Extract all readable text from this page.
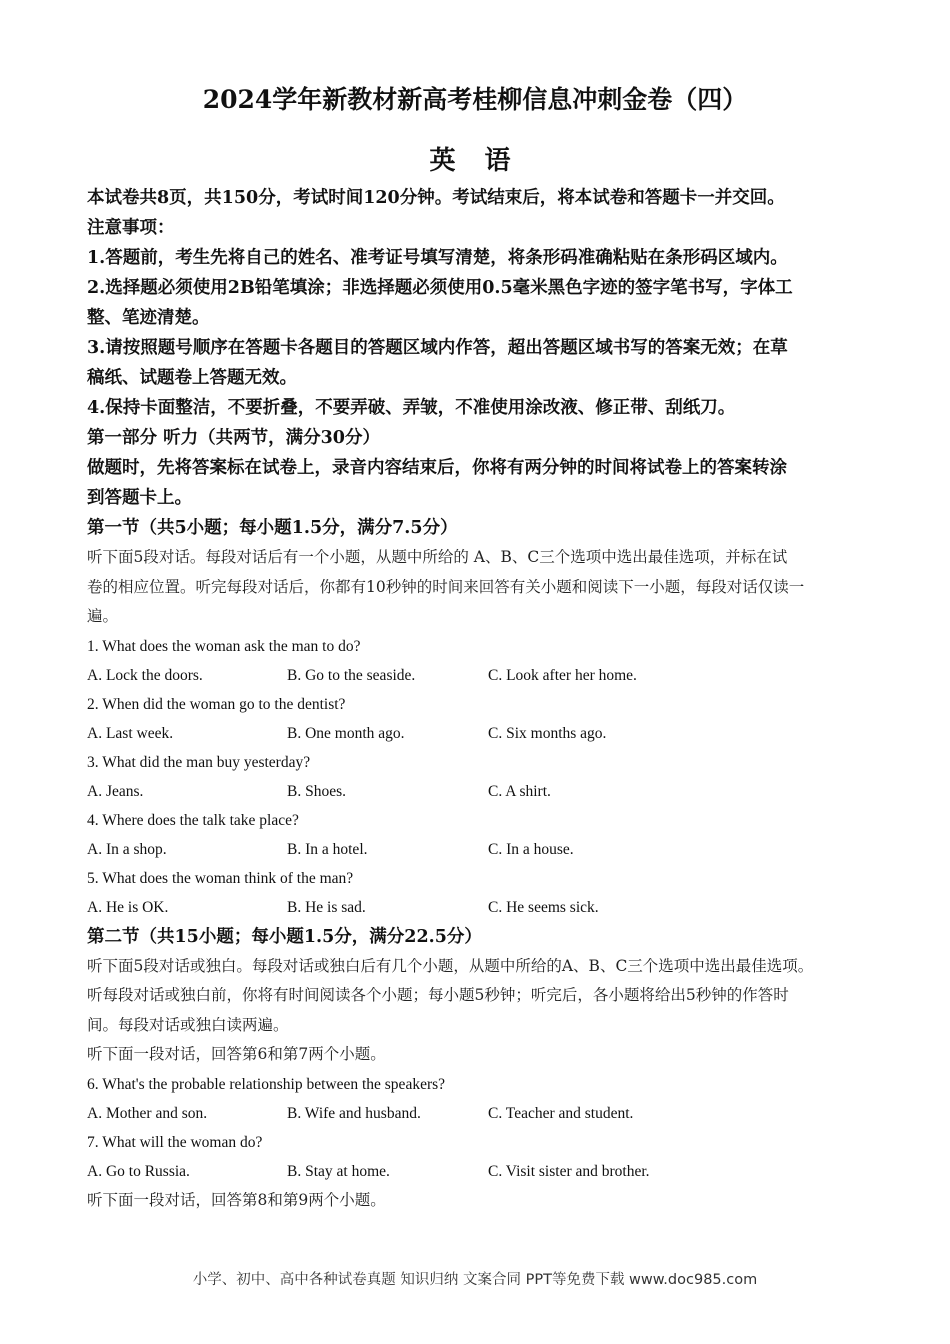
2024学年新教材新高考桂柳信息冲刺金卷（四）
英 语
本试卷共8页，共150分，考试时间120分钟。考试结束后，将本试卷和答题卡一并交回。
注意事项：
1.答题前，考生先将自己的姓名、准考证号填写清楚，将条形码准确粘贴在条形码区域内。
2.选择题必须使用2B铅笔填涂；非选择题必须使用0.5毫米黑色字迹的签字笔书写，字体工
整、笔迹清楚。
3.请按照题号顺序在答题卡各题目的答题区域内作答，超出答题区域书写的答案无效；在草
稿纸、试题卷上答题无效。
4.保持卡面整洁，不要折叠，不要弄破、弄皱，不准使用涂改液、修正带、刮纸刀。
第一部分 听力（共两节，满分30分）
做题时，先将答案标在试卷上，录音内容结束后，你将有两分钟的时间将试卷上的答案转涂
到答题卡上。
第一节（共5小题；每小题1.5分，满分7.5分）
听下面5段对话。每段对话后有一个小题，从题中所给的 A、B、C三个选项中选出最佳选项，并标在试
卷的相应位置。听完每段对话后，你都有10秒钟的时间来回答有关小题和阅读下一小题，每段对话仅读一
遍。
1. What does the woman ask the man to do?
A. Lock the doors.	B. Go to the seaside.	C. Look after her home.
2. When did the woman go to the dentist?
A. Last week.	B. One month ago.	C. Six months ago.
3. What did the man buy yesterday?
A. Jeans.	B. Shoes.	C. A shirt.
4. Where does the talk take place?
A. In a shop.	B. In a hotel.	C. In a house.
5. What does the woman think of the man?
A. He is OK.	B. He is sad.	C. He seems sick.
第二节（共15小题；每小题1.5分，满分22.5分）
听下面5段对话或独白。每段对话或独白后有几个小题，从题中所给的A、B、C三个选项中选出最佳选项。
听每段对话或独白前，你将有时间阅读各个小题；每小题5秒钟；听完后，各小题将给出5秒钟的作答时
间。每段对话或独白读两遍。
听下面一段对话，回答第6和第7两个小题。
6. What's the probable relationship between the speakers?
A. Mother and son.	B. Wife and husband.	C. Teacher and student.
7. What will the woman do?
A. Go to Russia.	B. Stay at home.	C. Visit sister and brother.
听下面一段对话，回答第8和第9两个小题。
小学、初中、高中各种试卷真题 知识归纳 文案合同 PPT等免费下载 www.doc985.com
